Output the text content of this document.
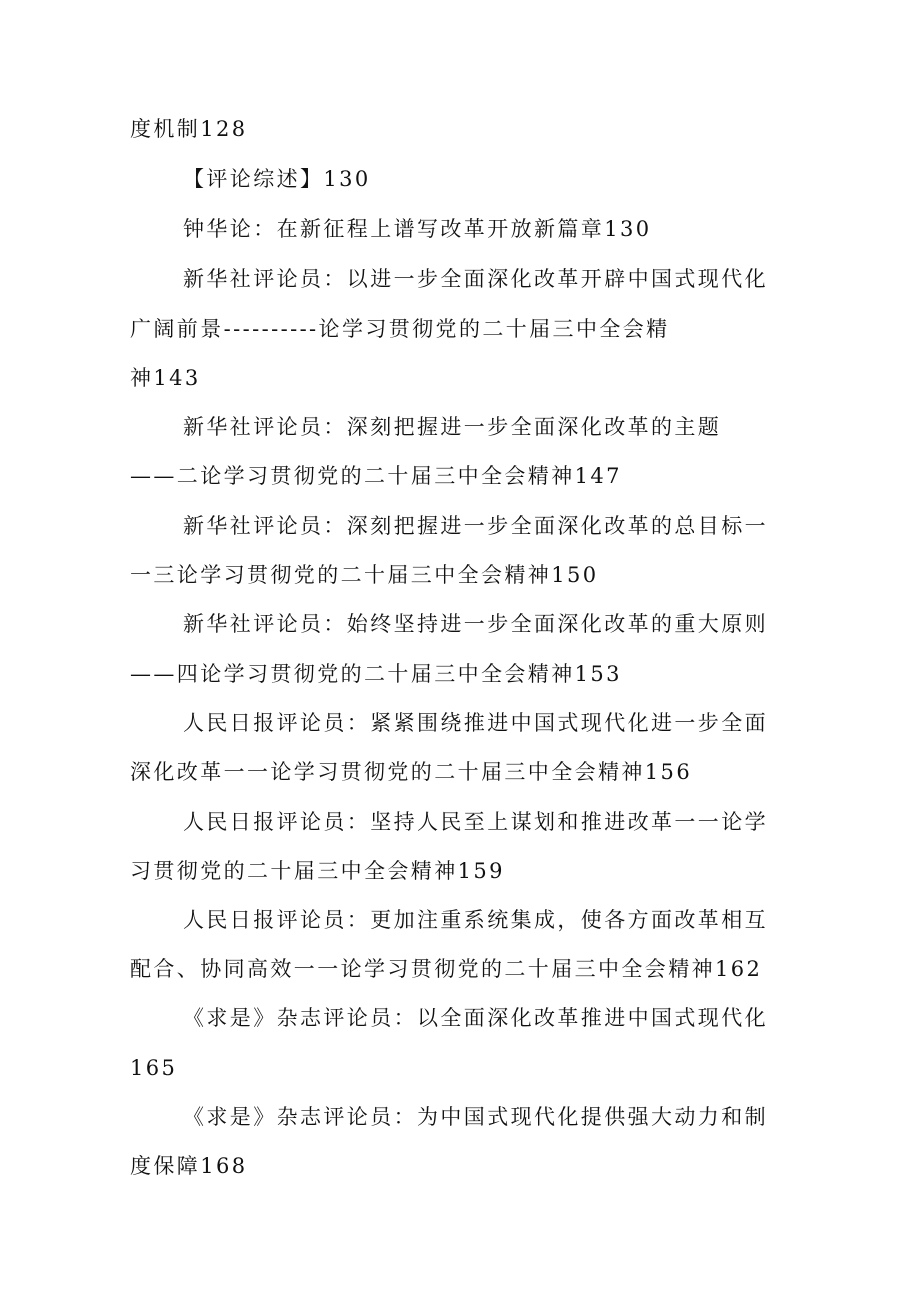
度机制128

【评论综述】130

钟华论：在新征程上谱写改革开放新篇章130

新华社评论员：以进一步全面深化改革开辟中国式现代化

广阔前景----------论学习贯彻党的二十届三中全会精

神143

新华社评论员：深刻把握进一步全面深化改革的主题

——二论学习贯彻党的二十届三中全会精神147

新华社评论员：深刻把握进一步全面深化改革的总目标一

一三论学习贯彻党的二十届三中全会精神150

新华社评论员：始终坚持进一步全面深化改革的重大原则

——四论学习贯彻党的二十届三中全会精神153

人民日报评论员：紧紧围绕推进中国式现代化进一步全面

深化改革一一论学习贯彻党的二十届三中全会精神156

人民日报评论员：坚持人民至上谋划和推进改革一一论学

习贯彻党的二十届三中全会精神159

人民日报评论员：更加注重系统集成，使各方面改革相互

配合、协同高效一一论学习贯彻党的二十届三中全会精神162

《求是》杂志评论员：以全面深化改革推进中国式现代化

165

《求是》杂志评论员：为中国式现代化提供强大动力和制

度保障168
